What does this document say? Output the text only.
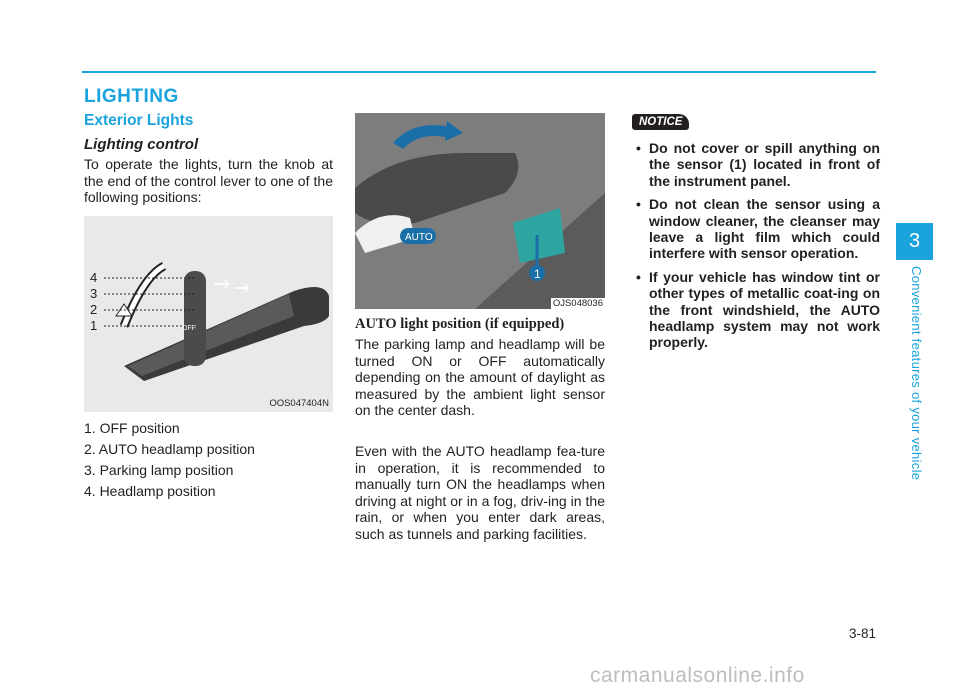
LIGHTING
Exterior Lights
Lighting control

To operate the lights, turn the knob at the end of the control lever to one of the following positions:

4
3
2
1	OFF
OOS047404N
1. OFF position
2. AUTO headlamp position
3. Parking lamp position
4. Headlamp position
1
AUTO
OJS048036
AUTO light position (if equipped)

The parking lamp and headlamp will be turned ON or OFF automatically depending on the amount of daylight as measured by the ambient light sensor on the center dash.

Even with the AUTO headlamp fea-ture in operation, it is recommended to manually turn ON the headlamps when driving at night or in a fog, driv-ing in the rain, or when you enter dark areas, such as tunnels and parking facilities.

NOTICE
• Do not cover or spill anything on the sensor (1) located in front of the instrument panel.
• Do not clean the sensor using a window cleaner, the cleanser may leave a light film which could interfere with sensor operation.
• If your vehicle has window tint or other types of metallic coat-ing on the front windshield, the AUTO headlamp system may not work properly.
3
Convenient features of your vehicle
3-81
carmanualsonline.info
